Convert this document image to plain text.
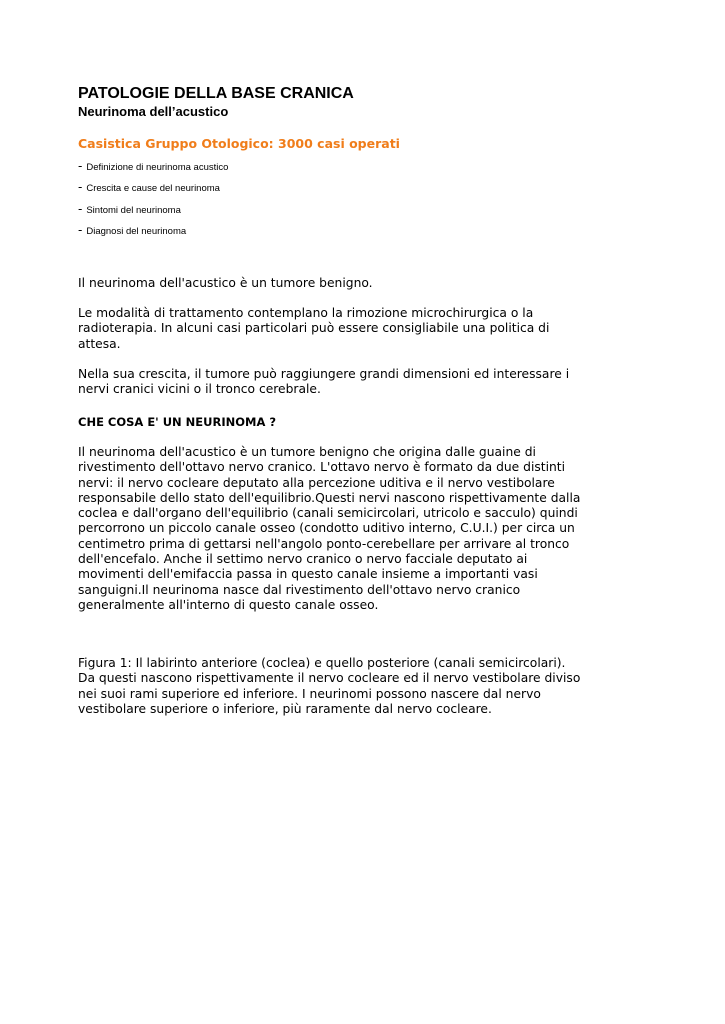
PATOLOGIE DELLA BASE CRANICA
Neurinoma dell’acustico
Casistica Gruppo Otologico: 3000 casi operati
- Definizione di neurinoma acustico
- Crescita e cause del neurinoma
- Sintomi del neurinoma
- Diagnosi del neurinoma

Il neurinoma dell'acustico è un tumore benigno.

Le modalità di trattamento contemplano la rimozione microchirurgica o la
radioterapia. In alcuni casi particolari può essere consigliabile una politica di
attesa.

Nella sua crescita, il tumore può raggiungere grandi dimensioni ed interessare i
nervi cranici vicini o il tronco cerebrale.

CHE COSA E' UN NEURINOMA ?

Il neurinoma dell'acustico è un tumore benigno che origina dalle guaine di
rivestimento dell'ottavo nervo cranico. L'ottavo nervo è formato da due distinti
nervi: il nervo cocleare deputato alla percezione uditiva e il nervo vestibolare
responsabile dello stato dell'equilibrio.Questi nervi nascono rispettivamente dalla
coclea e dall'organo dell'equilibrio (canali semicircolari, utricolo e sacculo) quindi
percorrono un piccolo canale osseo (condotto uditivo interno, C.U.I.) per circa un
centimetro prima di gettarsi nell'angolo ponto-cerebellare per arrivare al tronco
dell'encefalo. Anche il settimo nervo cranico o nervo facciale deputato ai
movimenti dell'emifaccia passa in questo canale insieme a importanti vasi
sanguigni.Il neurinoma nasce dal rivestimento dell'ottavo nervo cranico
generalmente all'interno di questo canale osseo.

Figura 1: Il labirinto anteriore (coclea) e quello posteriore (canali semicircolari).
Da questi nascono rispettivamente il nervo cocleare ed il nervo vestibolare diviso
nei suoi rami superiore ed inferiore. I neurinomi possono nascere dal nervo
vestibolare superiore o inferiore, più raramente dal nervo cocleare.
